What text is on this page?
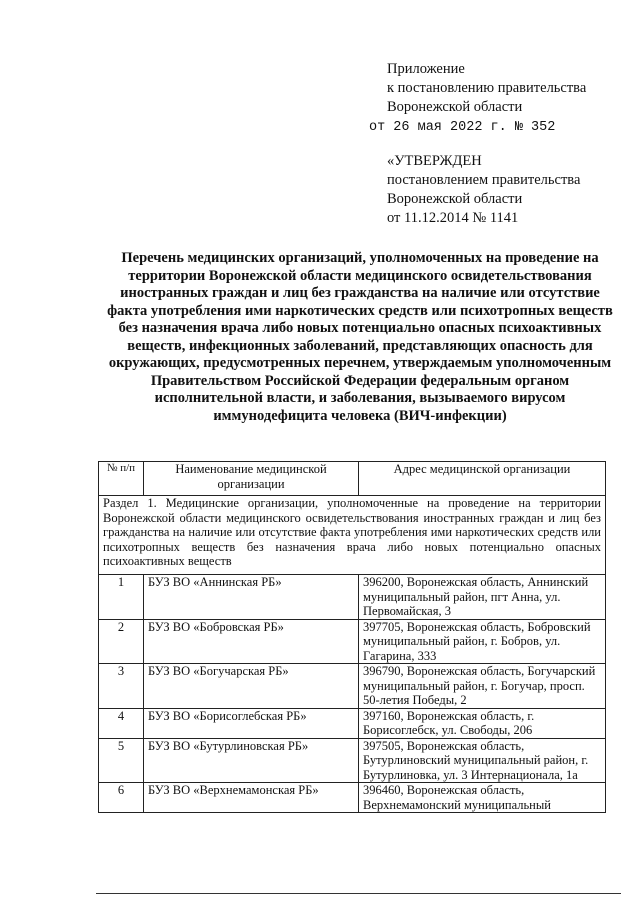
Приложение
к постановлению правительства
Воронежской области
от 26 мая 2022 г. № 352
«УТВЕРЖДЕН
постановлением правительства
Воронежской области
от 11.12.2014 № 1141
Перечень медицинских организаций, уполномоченных на проведение на территории Воронежской области медицинского освидетельствования иностранных граждан и лиц без гражданства на наличие или отсутствие факта употребления ими наркотических средств или психотропных веществ без назначения врача либо новых потенциально опасных психоактивных веществ, инфекционных заболеваний, представляющих опасность для окружающих, предусмотренных перечнем, утверждаемым уполномоченным Правительством Российской Федерации федеральным органом исполнительной власти, и заболевания, вызываемого вирусом иммунодефицита человека (ВИЧ-инфекции)
№ п/п	Наименование медицинской организации	Адрес медицинской организации
Раздел 1. Медицинские организации, уполномоченные на проведение на территории Воронежской области медицинского освидетельствования иностранных граждан и лиц без гражданства на наличие или отсутствие факта употребления ими наркотических средств или психотропных веществ без назначения врача либо новых потенциально опасных психоактивных веществ		
1	БУЗ ВО «Аннинская РБ»	396200, Воронежская область, Аннинский муниципальный район, пгт Анна, ул. Первомайская, 3
2	БУЗ ВО «Бобровская РБ»	397705, Воронежская область, Бобровский муниципальный район, г. Бобров, ул. Гагарина, 333
3	БУЗ ВО «Богучарская РБ»	396790, Воронежская область, Богучарский муниципальный район, г. Богучар, просп. 50-летия Победы, 2
4	БУЗ ВО «Борисоглебская РБ»	397160, Воронежская область, г. Борисоглебск, ул. Свободы, 206
5	БУЗ ВО «Бутурлиновская РБ»	397505, Воронежская область, Бутурлиновский муниципальный район, г. Бутурлиновка, ул. 3 Интернационала, 1а
6	БУЗ ВО «Верхнемамонская РБ»	396460, Воронежская область, Верхнемамонский муниципальный
